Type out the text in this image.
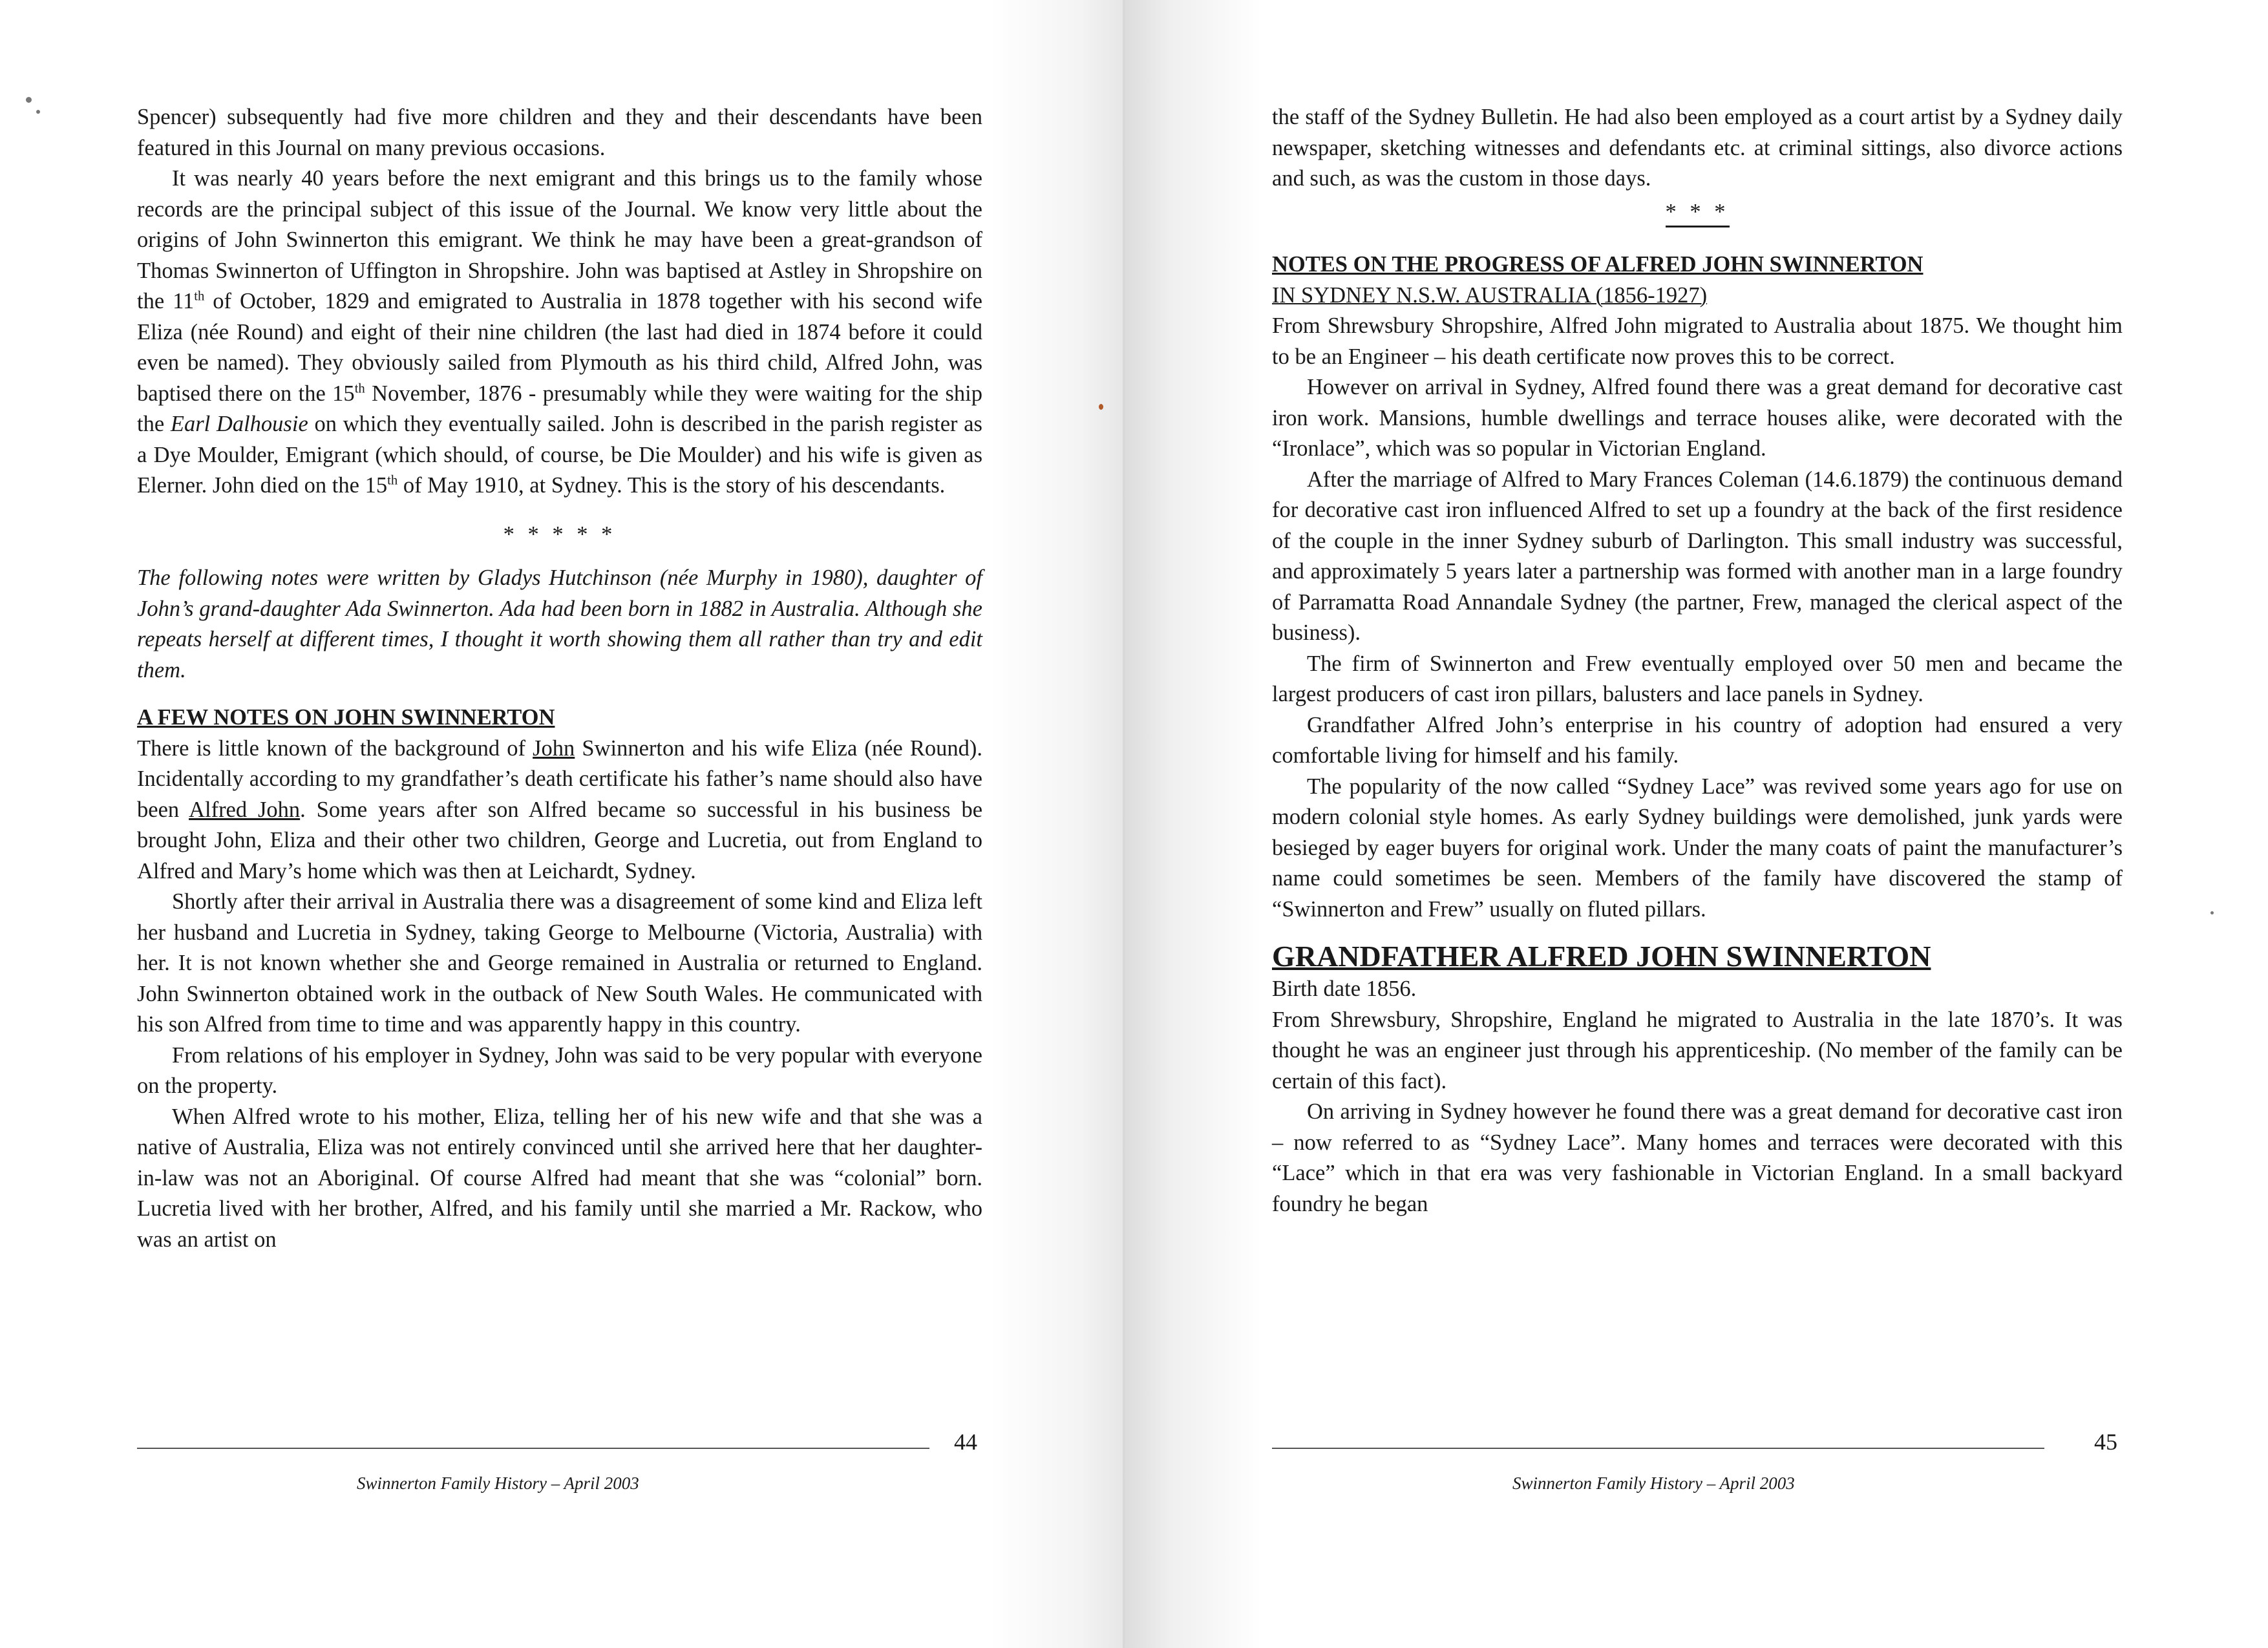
Spencer) subsequently had five more children and they and their descendants have been featured in this Journal on many previous occasions.

It was nearly 40 years before the next emigrant and this brings us to the family whose records are the principal subject of this issue of the Journal. We know very little about the origins of John Swinnerton this emigrant. We think he may have been a great-grandson of Thomas Swinnerton of Uffington in Shropshire. John was baptised at Astley in Shropshire on the 11th of October, 1829 and emigrated to Australia in 1878 together with his second wife Eliza (née Round) and eight of their nine children (the last had died in 1874 before it could even be named). They obviously sailed from Plymouth as his third child, Alfred John, was baptised there on the 15th November, 1876 - presumably while they were waiting for the ship the Earl Dalhousie on which they eventually sailed. John is described in the parish register as a Dye Moulder, Emigrant (which should, of course, be Die Moulder) and his wife is given as Elerner. John died on the 15th of May 1910, at Sydney. This is the story of his descendants.

* * * * *

The following notes were written by Gladys Hutchinson (née Murphy in 1980), daughter of John’s grand-daughter Ada Swinnerton. Ada had been born in 1882 in Australia. Although she repeats herself at different times, I thought it worth showing them all rather than try and edit them.

A FEW NOTES ON JOHN SWINNERTON

There is little known of the background of John Swinnerton and his wife Eliza (née Round). Incidentally according to my grandfather’s death certificate his father’s name should also have been Alfred John. Some years after son Alfred became so successful in his business be brought John, Eliza and their other two children, George and Lucretia, out from England to Alfred and Mary’s home which was then at Leichardt, Sydney.

Shortly after their arrival in Australia there was a disagreement of some kind and Eliza left her husband and Lucretia in Sydney, taking George to Melbourne (Victoria, Australia) with her. It is not known whether she and George remained in Australia or returned to England. John Swinnerton obtained work in the outback of New South Wales. He communicated with his son Alfred from time to time and was apparently happy in this country.

From relations of his employer in Sydney, John was said to be very popular with everyone on the property.

When Alfred wrote to his mother, Eliza, telling her of his new wife and that she was a native of Australia, Eliza was not entirely convinced until she arrived here that her daughter-in-law was not an Aboriginal. Of course Alfred had meant that she was “colonial” born. Lucretia lived with her brother, Alfred, and his family until she married a Mr. Rackow, who was an artist on

44
Swinnerton Family History – April 2003

the staff of the Sydney Bulletin. He had also been employed as a court artist by a Sydney daily newspaper, sketching witnesses and defendants etc. at criminal sittings, also divorce actions and such, as was the custom in those days.

* * *

NOTES ON THE PROGRESS OF ALFRED JOHN SWINNERTON

IN SYDNEY N.S.W. AUSTRALIA (1856-1927)

From Shrewsbury Shropshire, Alfred John migrated to Australia about 1875. We thought him to be an Engineer – his death certificate now proves this to be correct.

However on arrival in Sydney, Alfred found there was a great demand for decorative cast iron work. Mansions, humble dwellings and terrace houses alike, were decorated with the “Ironlace”, which was so popular in Victorian England.

After the marriage of Alfred to Mary Frances Coleman (14.6.1879) the continuous demand for decorative cast iron influenced Alfred to set up a foundry at the back of the first residence of the couple in the inner Sydney suburb of Darlington. This small industry was successful, and approximately 5 years later a partnership was formed with another man in a large foundry of Parramatta Road Annandale Sydney (the partner, Frew, managed the clerical aspect of the business).

The firm of Swinnerton and Frew eventually employed over 50 men and became the largest producers of cast iron pillars, balusters and lace panels in Sydney.

Grandfather Alfred John’s enterprise in his country of adoption had ensured a very comfortable living for himself and his family.

The popularity of the now called “Sydney Lace” was revived some years ago for use on modern colonial style homes. As early Sydney buildings were demolished, junk yards were besieged by eager buyers for original work. Under the many coats of paint the manufacturer’s name could sometimes be seen. Members of the family have discovered the stamp of “Swinnerton and Frew” usually on fluted pillars.

GRANDFATHER ALFRED JOHN SWINNERTON

Birth date 1856.

From Shrewsbury, Shropshire, England he migrated to Australia in the late 1870’s. It was thought he was an engineer just through his apprenticeship. (No member of the family can be certain of this fact).

On arriving in Sydney however he found there was a great demand for decorative cast iron – now referred to as “Sydney Lace”. Many homes and terraces were decorated with this “Lace” which in that era was very fashionable in Victorian England. In a small backyard foundry he began

45
Swinnerton Family History – April 2003
